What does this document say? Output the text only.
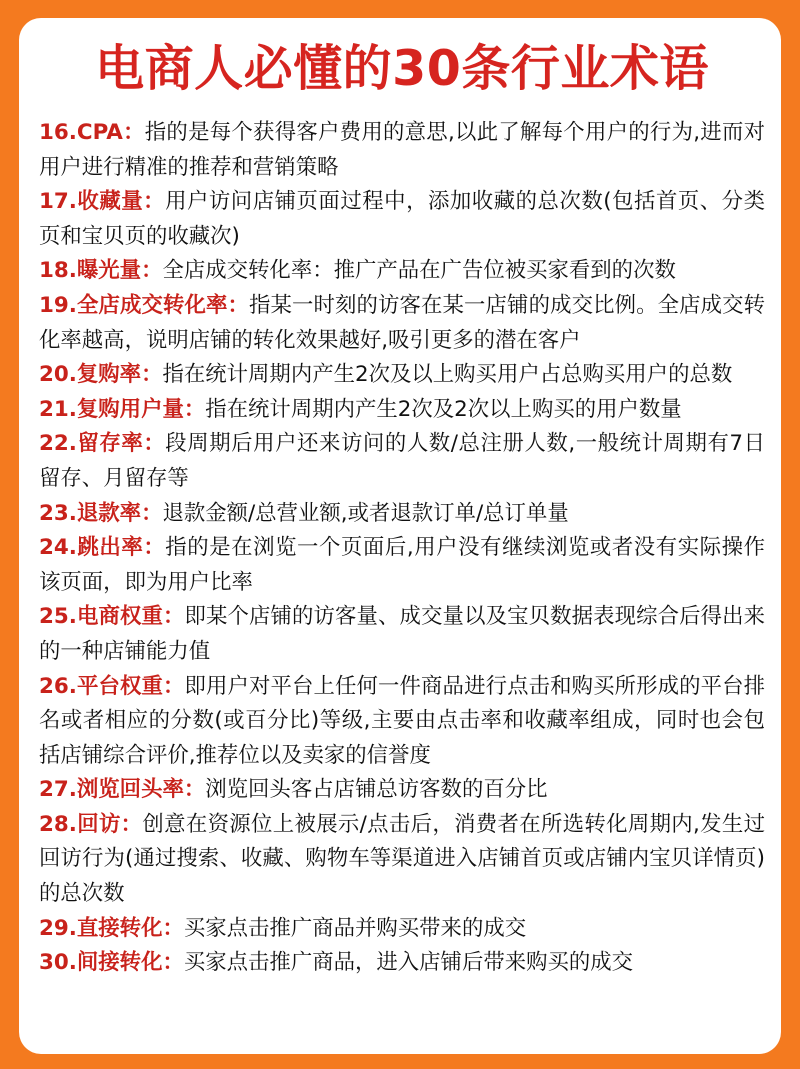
电商人必懂的30条行业术语
16.CPA：指的是每个获得客户费用的意思,以此了解每个用户的行为,进而对用户进行精准的推荐和营销策略
17.收藏量：用户访问店铺页面过程中，添加收藏的总次数(包括首页、分类页和宝贝页的收藏次)
18.曝光量：全店成交转化率：推广产品在广告位被买家看到的次数
19.全店成交转化率：指某一时刻的访客在某一店铺的成交比例。全店成交转化率越高，说明店铺的转化效果越好,吸引更多的潜在客户
20.复购率：指在统计周期内产生2次及以上购买用户占总购买用户的总数
21.复购用户量：指在统计周期内产生2次及2次以上购买的用户数量
22.留存率：段周期后用户还来访问的人数/总注册人数,一般统计周期有7日留存、月留存等
23.退款率：退款金额/总营业额,或者退款订单/总订单量
24.跳出率：指的是在浏览一个页面后,用户没有继续浏览或者没有实际操作该页面，即为用户比率
25.电商权重：即某个店铺的访客量、成交量以及宝贝数据表现综合后得出来的一种店铺能力值
26.平台权重：即用户对平台上任何一件商品进行点击和购买所形成的平台排名或者相应的分数(或百分比)等级,主要由点击率和收藏率组成，同时也会包括店铺综合评价,推荐位以及卖家的信誉度
27.浏览回头率：浏览回头客占店铺总访客数的百分比
28.回访：创意在资源位上被展示/点击后，消费者在所选转化周期内,发生过回访行为(通过搜索、收藏、购物车等渠道进入店铺首页或店铺内宝贝详情页)的总次数
29.直接转化：买家点击推广商品并购买带来的成交
30.间接转化：买家点击推广商品，进入店铺后带来购买的成交
